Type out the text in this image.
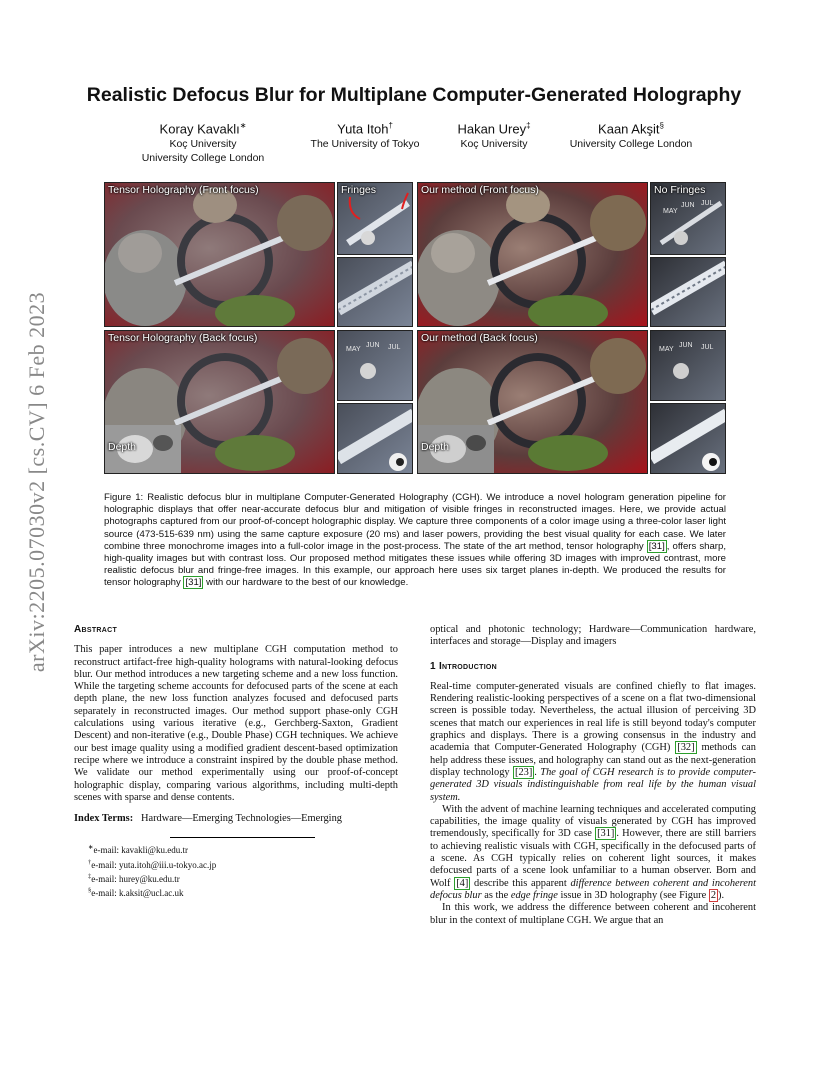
arXiv:2205.07030v2 [cs.CV] 6 Feb 2023
Realistic Defocus Blur for Multiplane Computer-Generated Holography
Koray Kavaklı∗
Koç University
University College London
Yuta Itoh†
The University of Tokyo
Hakan Urey‡
Koç University
Kaan Akşit§
University College London
Tensor Holography (Front focus)	Fringes	Our method (Front focus)
MAY
JUN JUL
No Fringes
Tensor Holography (Back focus)
Depth
MAY
JUN JUL
Our method (Back focus)
Depth
MAY
JUN JUL
Figure 1: Realistic defocus blur in multiplane Computer-Generated Holography (CGH). We introduce a novel hologram generation pipeline for holographic displays that offer near-accurate defocus blur and mitigation of visible fringes in reconstructed images. Here, we provide actual photographs captured from our proof-of-concept holographic display. We capture three components of a color image using a three-color laser light source (473-515-639 nm) using the same capture exposure (20 ms) and laser powers, providing the best visual quality for each case. We later combine three monochrome images into a full-color image in the post-process. The state of the art method, tensor holography [31] , offers sharp, high-quality images but with contrast loss. Our proposed method mitigates these issues while offering 3D images with improved contrast, more realistic defocus blur and fringe-free images. In this example, our approach here uses six target planes in-depth. We produced the results for tensor holography [31] with our hardware to the best of our knowledge.
Abstract

This paper introduces a new multiplane CGH computation method to reconstruct artifact-free high-quality holograms with natural-looking defocus blur. Our method introduces a new targeting scheme and a new loss function. While the targeting scheme accounts for defocused parts of the scene at each depth plane, the new loss function analyzes focused and defocused parts separately in reconstructed images. Our method support phase-only CGH calculations using various iterative (e.g., Gerchberg-Saxton, Gradient Descent) and non-iterative (e.g., Double Phase) CGH techniques. We achieve our best image quality using a modified gradient descent-based optimization recipe where we introduce a constraint inspired by the double phase method. We validate our method experimentally using our proof-of-concept holographic display, comparing various algorithms, including multi-depth scenes with sparse and dense contents.

Index Terms: Hardware—Emerging Technologies—Emerging

∗e-mail: kavakli@ku.edu.tr
†e-mail: yuta.itoh@iii.u-tokyo.ac.jp
‡e-mail: hurey@ku.edu.tr
§e-mail: k.aksit@ucl.ac.uk

optical and photonic technology; Hardware—Communication hardware, interfaces and storage—Display and imagers

1 Introduction

Real-time computer-generated visuals are confined chiefly to flat images. Rendering realistic-looking perspectives of a scene on a flat two-dimensional screen is possible today. Nevertheless, the actual illusion of perceiving 3D scenes that match our experiences in real life is still beyond today's computer graphics and displays. There is a growing consensus in the industry and academia that Computer-Generated Holography (CGH) [32] methods can help address these issues, and holography can stand out as the next-generation display technology [23] . The goal of CGH research is to provide computer-generated 3D visuals indistinguishable from real life by the human visual system.

With the advent of machine learning techniques and accelerated computing capabilities, the image quality of visuals generated by CGH has improved tremendously, specifically for 3D case [31] . However, there are still barriers to achieving realistic visuals with CGH, specifically in the defocused parts of a scene. As CGH typically relies on coherent light sources, it makes defocused parts of a scene look unfamiliar to a human observer. Born and Wolf [4] describe this apparent difference between coherent and incoherent defocus blur as the edge fringe issue in 3D holography (see Figure 2 ).

In this work, we address the difference between coherent and incoherent blur in the context of multiplane CGH. We argue that an
